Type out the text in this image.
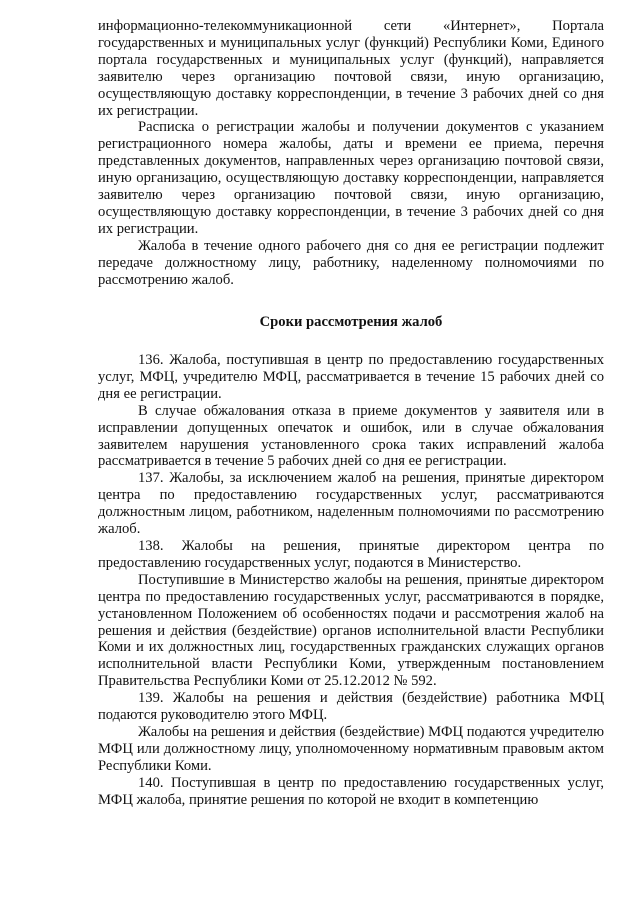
информационно-телекоммуникационной сети «Интернет», Портала государственных и муниципальных услуг (функций) Республики Коми, Единого портала государственных и муниципальных услуг (функций), направляется заявителю через организацию почтовой связи, иную организацию, осуществляющую доставку корреспонденции, в течение 3 рабочих дней со дня их регистрации.

Расписка о регистрации жалобы и получении документов с указанием регистрационного номера жалобы, даты и времени ее приема, перечня представленных документов, направленных через организацию почтовой связи, иную организацию, осуществляющую доставку корреспонденции, направляется заявителю через организацию почтовой связи, иную организацию, осуществляющую доставку корреспонденции, в течение 3 рабочих дней со дня их регистрации.

Жалоба в течение одного рабочего дня со дня ее регистрации подлежит передаче должностному лицу, работнику, наделенному полномочиями по рассмотрению жалоб.

Сроки рассмотрения жалоб

136. Жалоба, поступившая в центр по предоставлению государственных услуг, МФЦ, учредителю МФЦ, рассматривается в течение 15 рабочих дней со дня ее регистрации.

В случае обжалования отказа в приеме документов у заявителя или в исправлении допущенных опечаток и ошибок, или в случае обжалования заявителем нарушения установленного срока таких исправлений жалоба рассматривается в течение 5 рабочих дней со дня ее регистрации.

137. Жалобы, за исключением жалоб на решения, принятые директором центра по предоставлению государственных услуг, рассматриваются должностным лицом, работником, наделенным полномочиями по рассмотрению жалоб.

138. Жалобы на решения, принятые директором центра по предоставлению государственных услуг, подаются в Министерство.

Поступившие в Министерство жалобы на решения, принятые директором центра по предоставлению государственных услуг, рассматриваются в порядке, установленном Положением об особенностях подачи и рассмотрения жалоб на решения и действия (бездействие) органов исполнительной власти Республики Коми и их должностных лиц, государственных гражданских служащих органов исполнительной власти Республики Коми, утвержденным постановлением Правительства Республики Коми от 25.12.2012 № 592.

139. Жалобы на решения и действия (бездействие) работника МФЦ подаются руководителю этого МФЦ.

Жалобы на решения и действия (бездействие) МФЦ подаются учредителю МФЦ или должностному лицу, уполномоченному нормативным правовым актом Республики Коми.

140. Поступившая в центр по предоставлению государственных услуг, МФЦ жалоба, принятие решения по которой не входит в компетенцию
